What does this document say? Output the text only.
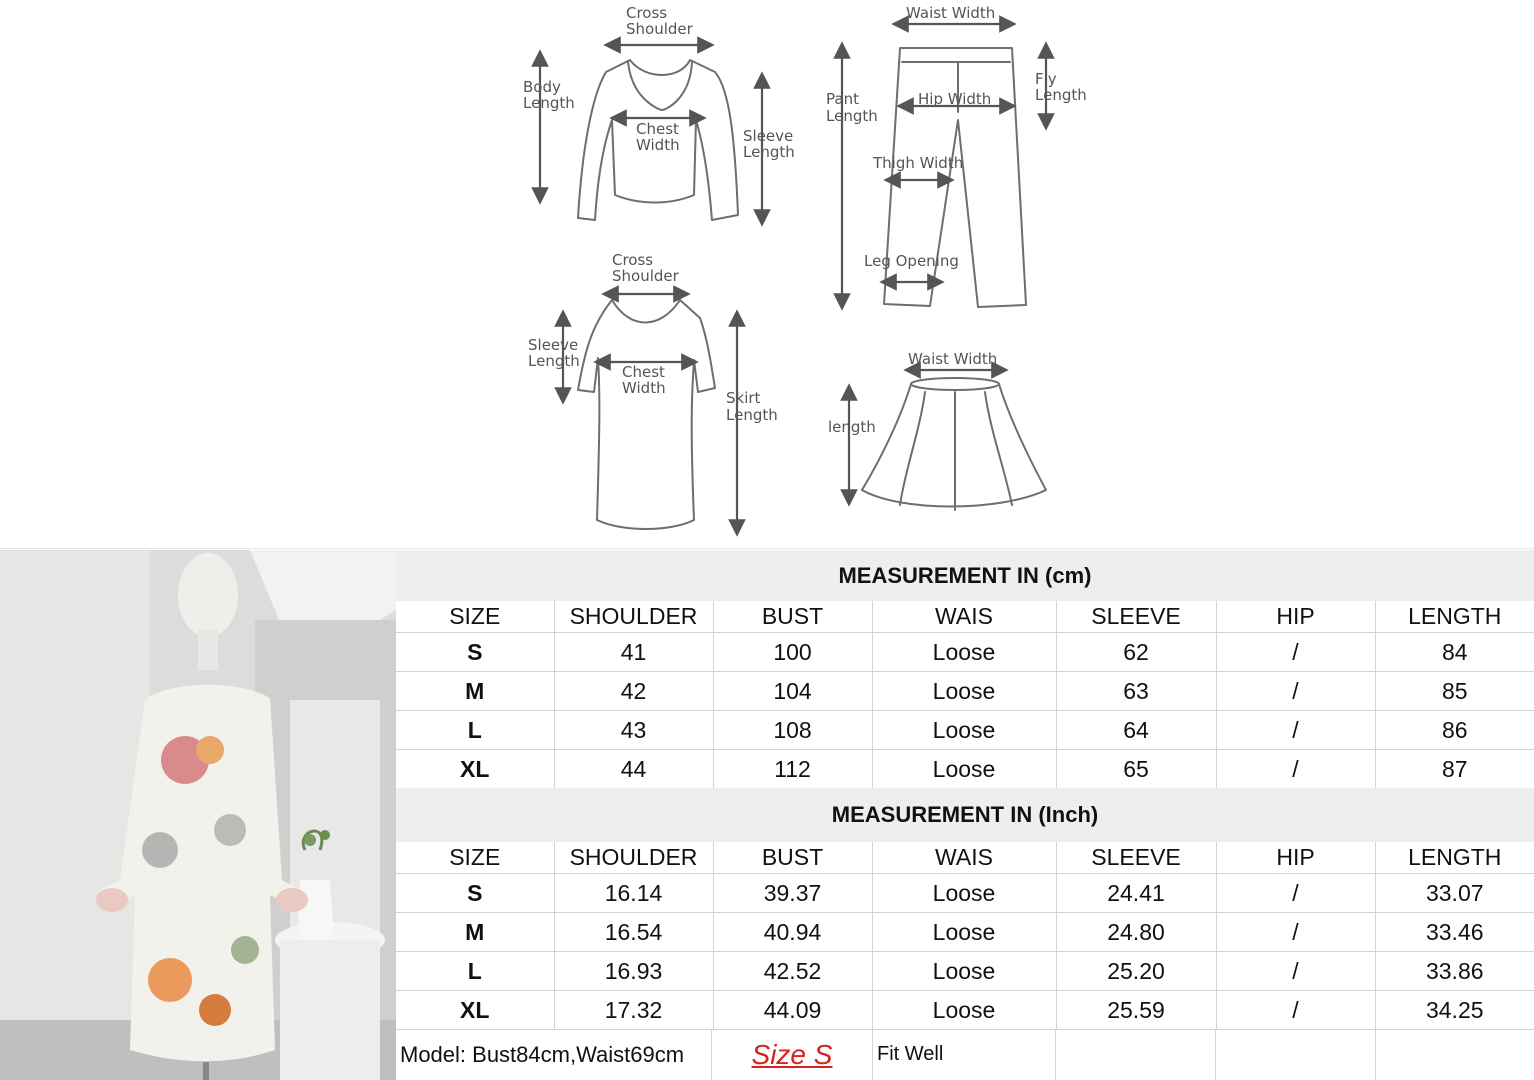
Cross
Shoulder
Body
Length
Chest
Width	Sleeve
Length
Waist Width
Pant
Length
Hip Width
Fly
Length
Thigh Width
Leg Opening
Cross
Shoulder
Sleeve
Length
Chest
Width
Skirt
Length
Waist Width
length
MEASUREMENT IN (cm)
SIZE	SHOULDER	BUST	WAIS	SLEEVE	HIP	LENGTH
S	41	100	Loose	62	/	84
M	42	104	Loose	63	/	85
L	43	108	Loose	64	/	86
XL	44	112	Loose	65	/	87
MEASUREMENT IN (Inch)
SIZE	SHOULDER	BUST	WAIS	SLEEVE	HIP	LENGTH
S	16.14	39.37	Loose	24.41	/	33.07
M	16.54	40.94	Loose	24.80	/	33.46
L	16.93	42.52	Loose	25.20	/	33.86
XL	17.32	44.09	Loose	25.59	/	34.25
Model: Bust84cm,Waist69cm	Size S	Fit Well
